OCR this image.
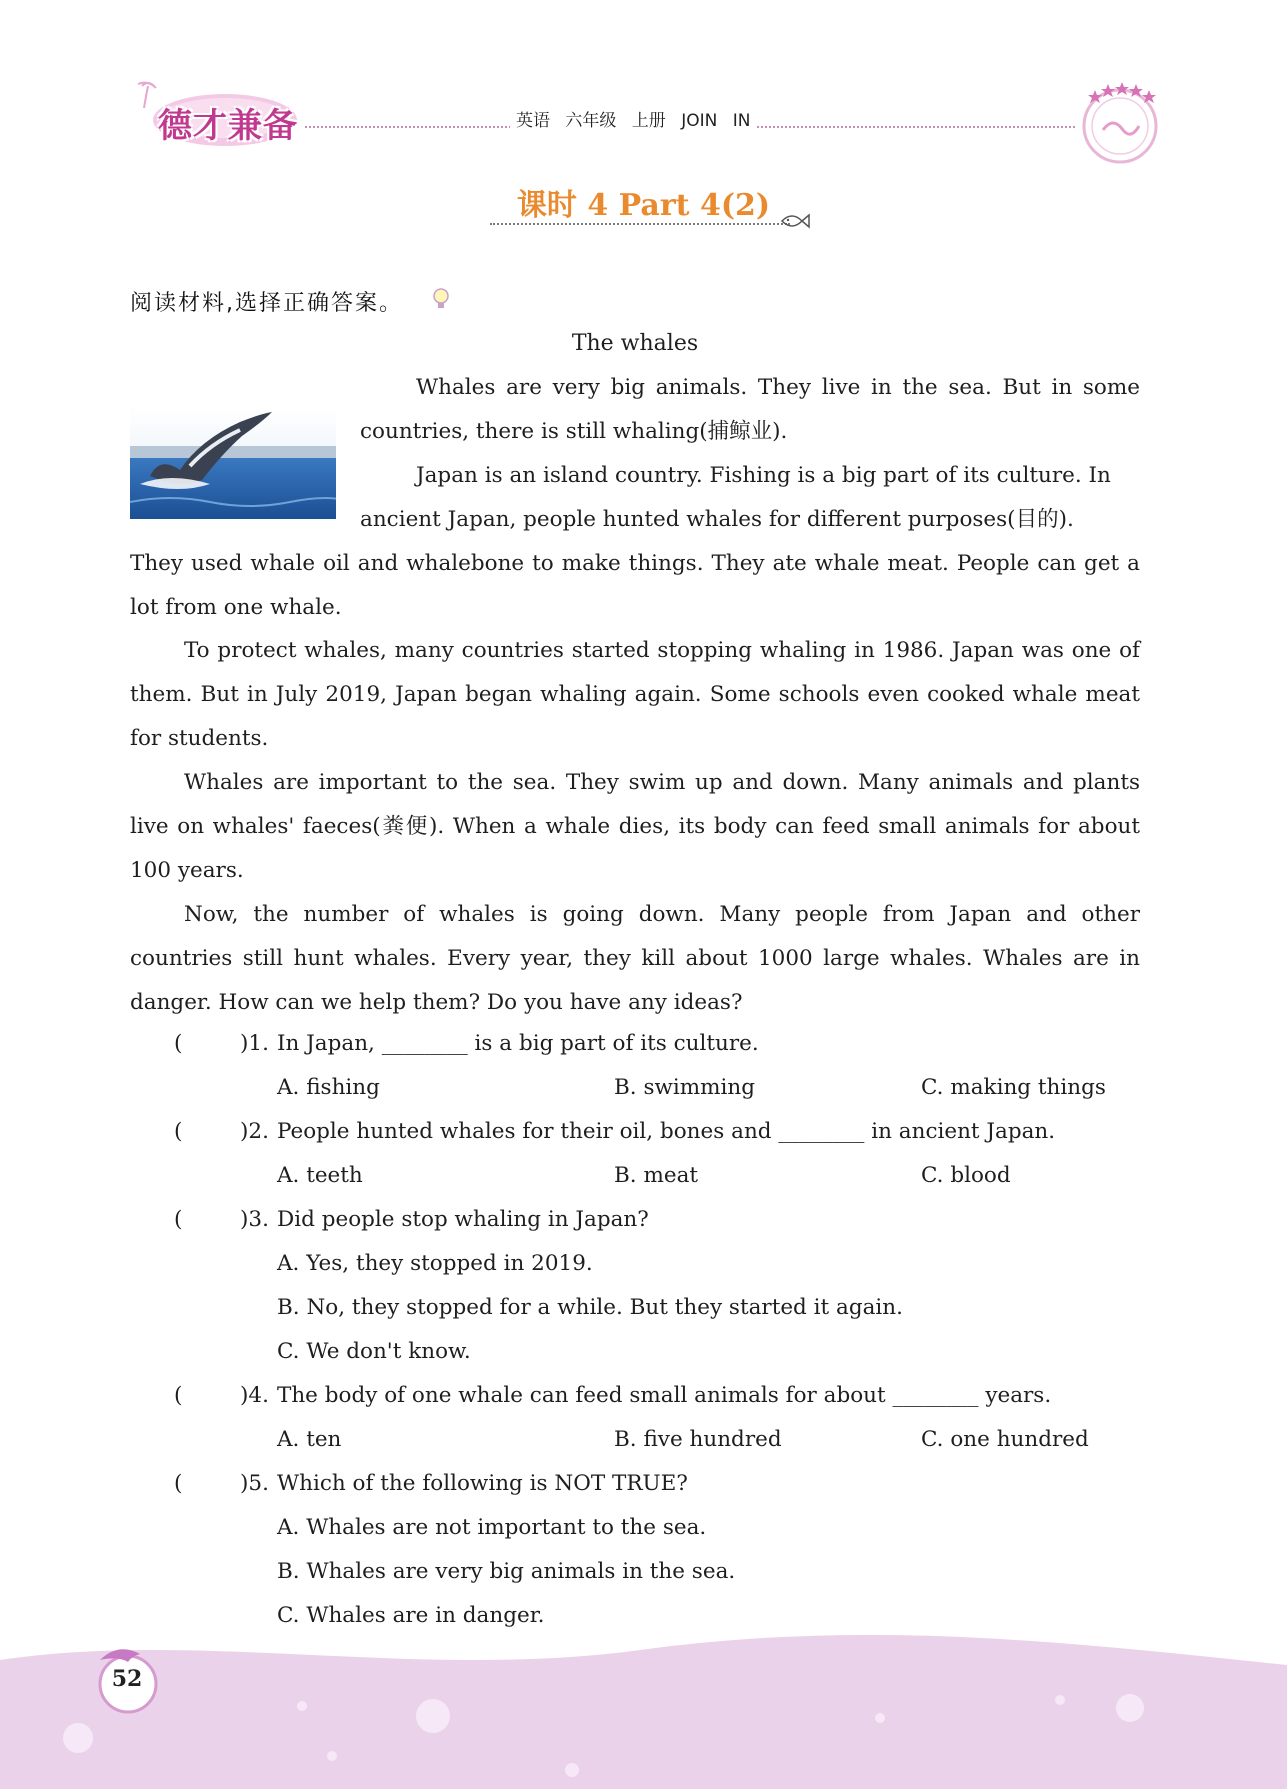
德才兼备	英语 六年级 上册 JOIN IN
课时 4 Part 4(2)
阅读材料,选择正确答案。
The whales
Whales are very big animals. They live in the sea. But in some countries, there is still whaling(捕鲸业).
Japan is an island country. Fishing is a big part of its culture. In
ancient Japan, people hunted whales for different purposes(目的).
They used whale oil and whalebone to make things. They ate whale meat. People can get a lot from one whale.
To protect whales, many countries started stopping whaling in 1986. Japan was one of them. But in July 2019, Japan began whaling again. Some schools even cooked whale meat for students.
Whales are important to the sea. They swim up and down. Many animals and plants live on whales' faeces(粪便). When a whale dies, its body can feed small animals for about 100 years.
Now, the number of whales is going down. Many people from Japan and other countries still hunt whales. Every year, they kill about 1000 large whales. Whales are in danger. How can we help them? Do you have any ideas?
(	)1. In Japan, ________ is a big part of its culture.
A. fishing	B. swimming	C. making things
(	)2. People hunted whales for their oil, bones and ________ in ancient Japan.
A. teeth	B. meat	C. blood
(	)3. Did people stop whaling in Japan?
A. Yes, they stopped in 2019.
B. No, they stopped for a while. But they started it again.
C. We don't know.
(	)4. The body of one whale can feed small animals for about ________ years.
A. ten	B. five hundred	C. one hundred
(	)5. Which of the following is NOT TRUE?
A. Whales are not important to the sea.
B. Whales are very big animals in the sea.
C. Whales are in danger.
52
